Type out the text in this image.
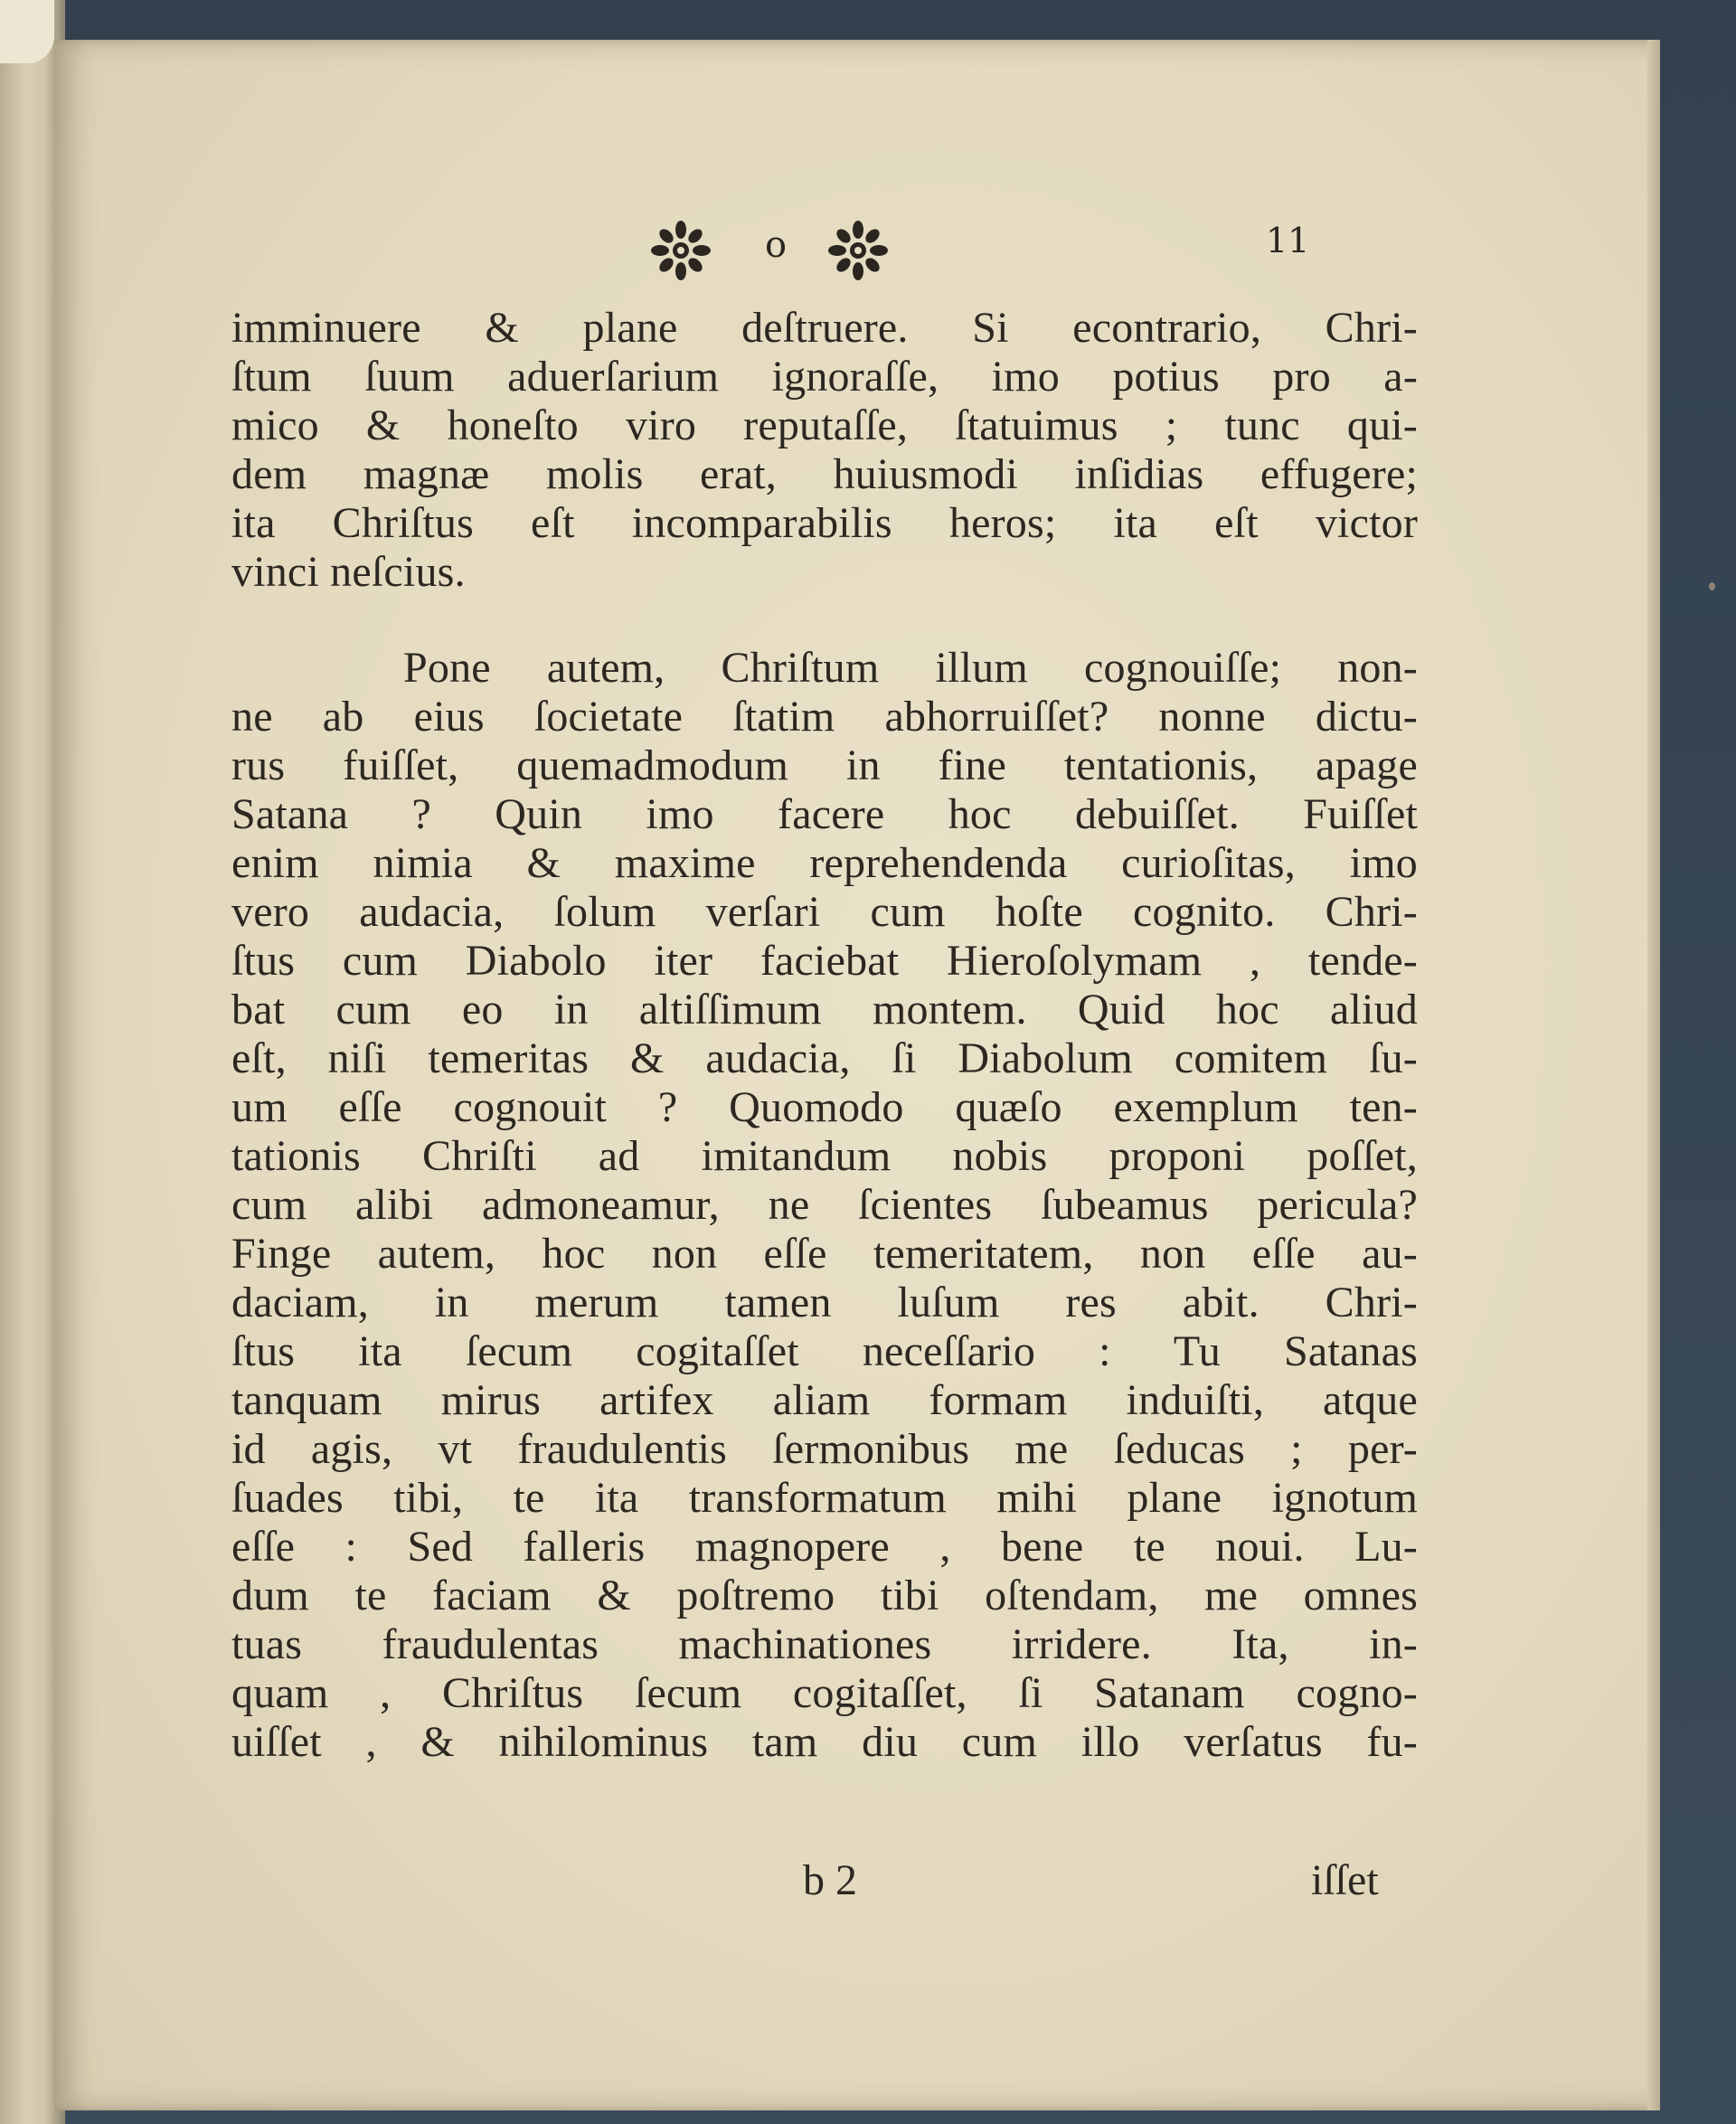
o	11
imminuere & plane deſtruere. Si econtrario, Chri-
ſtum ſuum aduerſarium ignoraſſe, imo potius pro a-
mico & honeſto viro reputaſſe, ſtatuimus ; tunc qui-
dem magnæ molis erat, huiusmodi inſidias effugere;
ita Chriſtus eſt incomparabilis heros; ita eſt victor
vinci neſcius.
Pone autem, Chriſtum illum cognouiſſe; non-
ne ab eius ſocietate ſtatim abhorruiſſet? nonne dictu-
rus fuiſſet, quemadmodum in fine tentationis, apage
Satana ? Quin imo facere hoc debuiſſet. Fuiſſet
enim nimia & maxime reprehendenda curioſitas, imo
vero audacia, ſolum verſari cum hoſte cognito. Chri-
ſtus cum Diabolo iter faciebat Hieroſolymam , tende-
bat cum eo in altiſſimum montem. Quid hoc aliud
eſt, niſi temeritas & audacia, ſi Diabolum comitem ſu-
um eſſe cognouit ? Quomodo quæſo exemplum ten-
tationis Chriſti ad imitandum nobis proponi poſſet,
cum alibi admoneamur, ne ſcientes ſubeamus pericula?
Finge autem, hoc non eſſe temeritatem, non eſſe au-
daciam, in merum tamen luſum res abit. Chri-
ſtus ita ſecum cogitaſſet neceſſario : Tu Satanas
tanquam mirus artifex aliam formam induiſti, atque
id agis, vt fraudulentis ſermonibus me ſeducas ; per-
ſuades tibi, te ita transformatum mihi plane ignotum
eſſe : Sed falleris magnopere , bene te noui. Lu-
dum te faciam & poſtremo tibi oſtendam, me omnes
tuas fraudulentas machinationes irridere. Ita, in-
quam , Chriſtus ſecum cogitaſſet, ſi Satanam cogno-
uiſſet , & nihilominus tam diu cum illo verſatus fu-
b 2	iſſet
